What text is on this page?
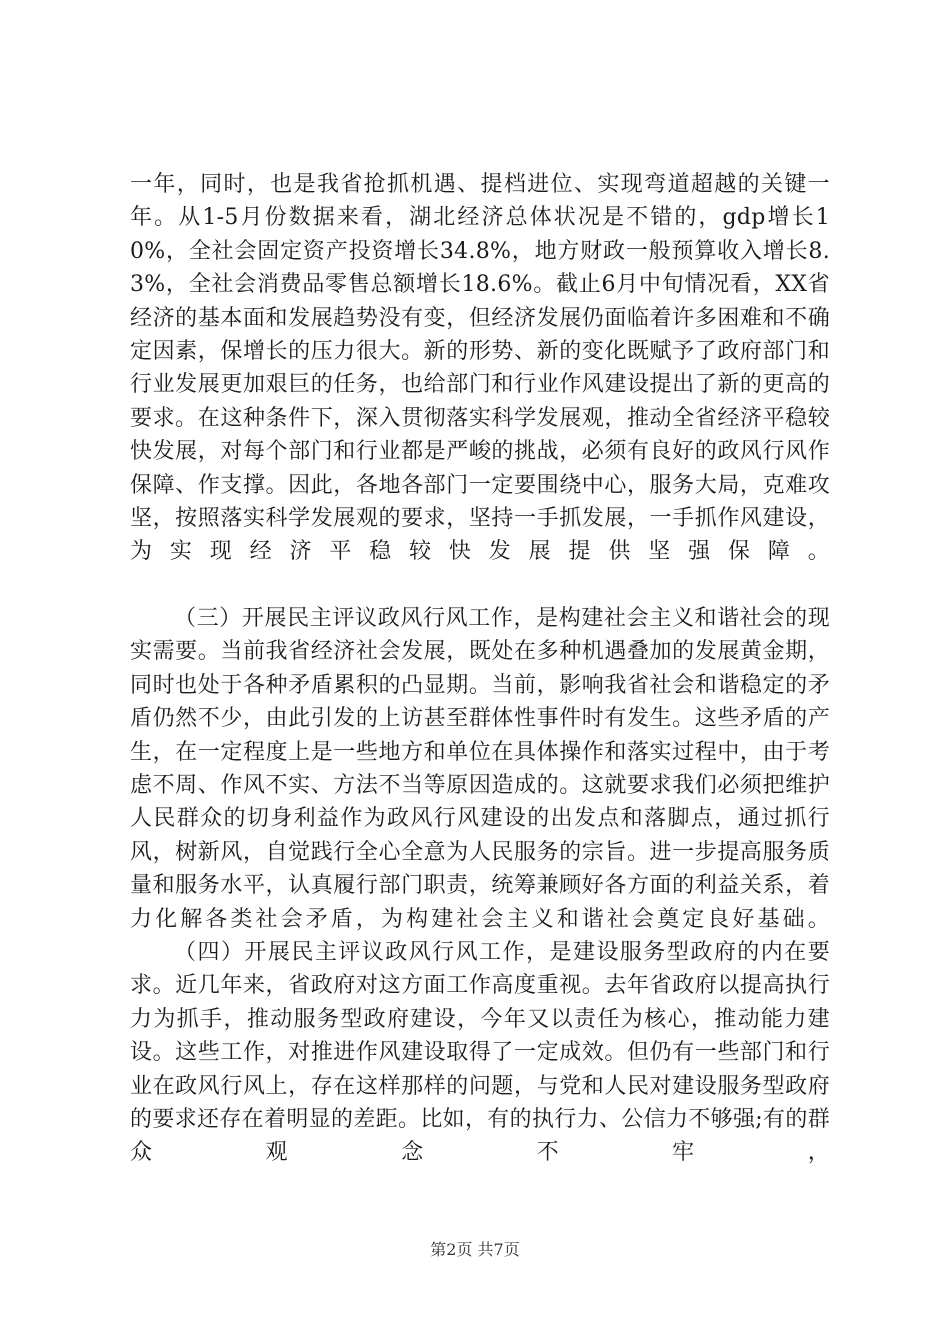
一年，同时，也是我省抢抓机遇、提档进位、实现弯道超越的关键一年。从1-5月份数据来看，湖北经济总体状况是不错的，gdp增长10%，全社会固定资产投资增长34.8%，地方财政一般预算收入增长8.3%，全社会消费品零售总额增长18.6%。截止6月中旬情况看，XX省经济的基本面和发展趋势没有变，但经济发展仍面临着许多困难和不确定因素，保增长的压力很大。新的形势、新的变化既赋予了政府部门和行业发展更加艰巨的任务，也给部门和行业作风建设提出了新的更高的要求。在这种条件下，深入贯彻落实科学发展观，推动全省经济平稳较快发展，对每个部门和行业都是严峻的挑战，必须有良好的政风行风作保障、作支撑。因此，各地各部门一定要围绕中心，服务大局，克难攻坚，按照落实科学发展观的要求，坚持一手抓发展，一手抓作风建设，为实现经济平稳较快发展提供坚强保障。

（三）开展民主评议政风行风工作，是构建社会主义和谐社会的现实需要。当前我省经济社会发展，既处在多种机遇叠加的发展黄金期，同时也处于各种矛盾累积的凸显期。当前，影响我省社会和谐稳定的矛盾仍然不少，由此引发的上访甚至群体性事件时有发生。这些矛盾的产生，在一定程度上是一些地方和单位在具体操作和落实过程中，由于考虑不周、作风不实、方法不当等原因造成的。这就要求我们必须把维护人民群众的切身利益作为政风行风建设的出发点和落脚点，通过抓行风，树新风，自觉践行全心全意为人民服务的宗旨。进一步提高服务质量和服务水平，认真履行部门职责，统筹兼顾好各方面的利益关系，着力化解各类社会矛盾，为构建社会主义和谐社会奠定良好基础。

（四）开展民主评议政风行风工作，是建设服务型政府的内在要求。近几年来，省政府对这方面工作高度重视。去年省政府以提高执行力为抓手，推动服务型政府建设，今年又以责任为核心，推动能力建设。这些工作，对推进作风建设取得了一定成效。但仍有一些部门和行业在政风行风上，存在这样那样的问题，与党和人民对建设服务型政府的要求还存在着明显的差距。比如，有的执行力、公信力不够强;有的群众观念不牢，

第2页 共7页
